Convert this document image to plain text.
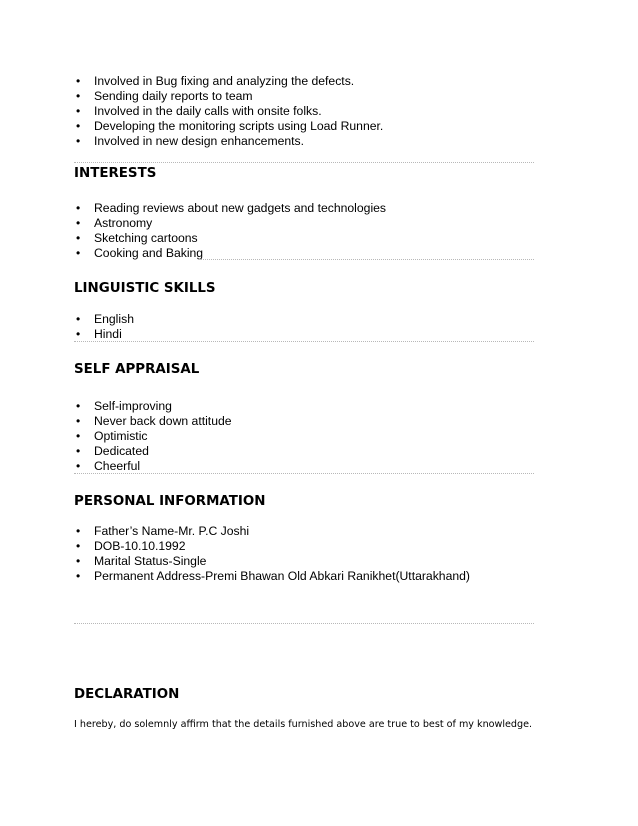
• Involved in Bug fixing and analyzing the defects.
• Sending daily reports to team
• Involved in the daily calls with onsite folks.
• Developing the monitoring scripts using Load Runner.
• Involved in new design enhancements.
INTERESTS
• Reading reviews about new gadgets and technologies
• Astronomy
• Sketching cartoons
• Cooking and Baking
LINGUISTIC SKILLS
• English
• Hindi
SELF APPRAISAL
• Self-improving
• Never back down attitude
• Optimistic
• Dedicated
• Cheerful
PERSONAL INFORMATION
• Father’s Name-Mr. P.C Joshi
• DOB-10.10.1992
• Marital Status-Single
• Permanent Address-Premi Bhawan Old Abkari Ranikhet(Uttarakhand)
DECLARATION
I hereby, do solemnly affirm that the details furnished above are true to best of my knowledge.
